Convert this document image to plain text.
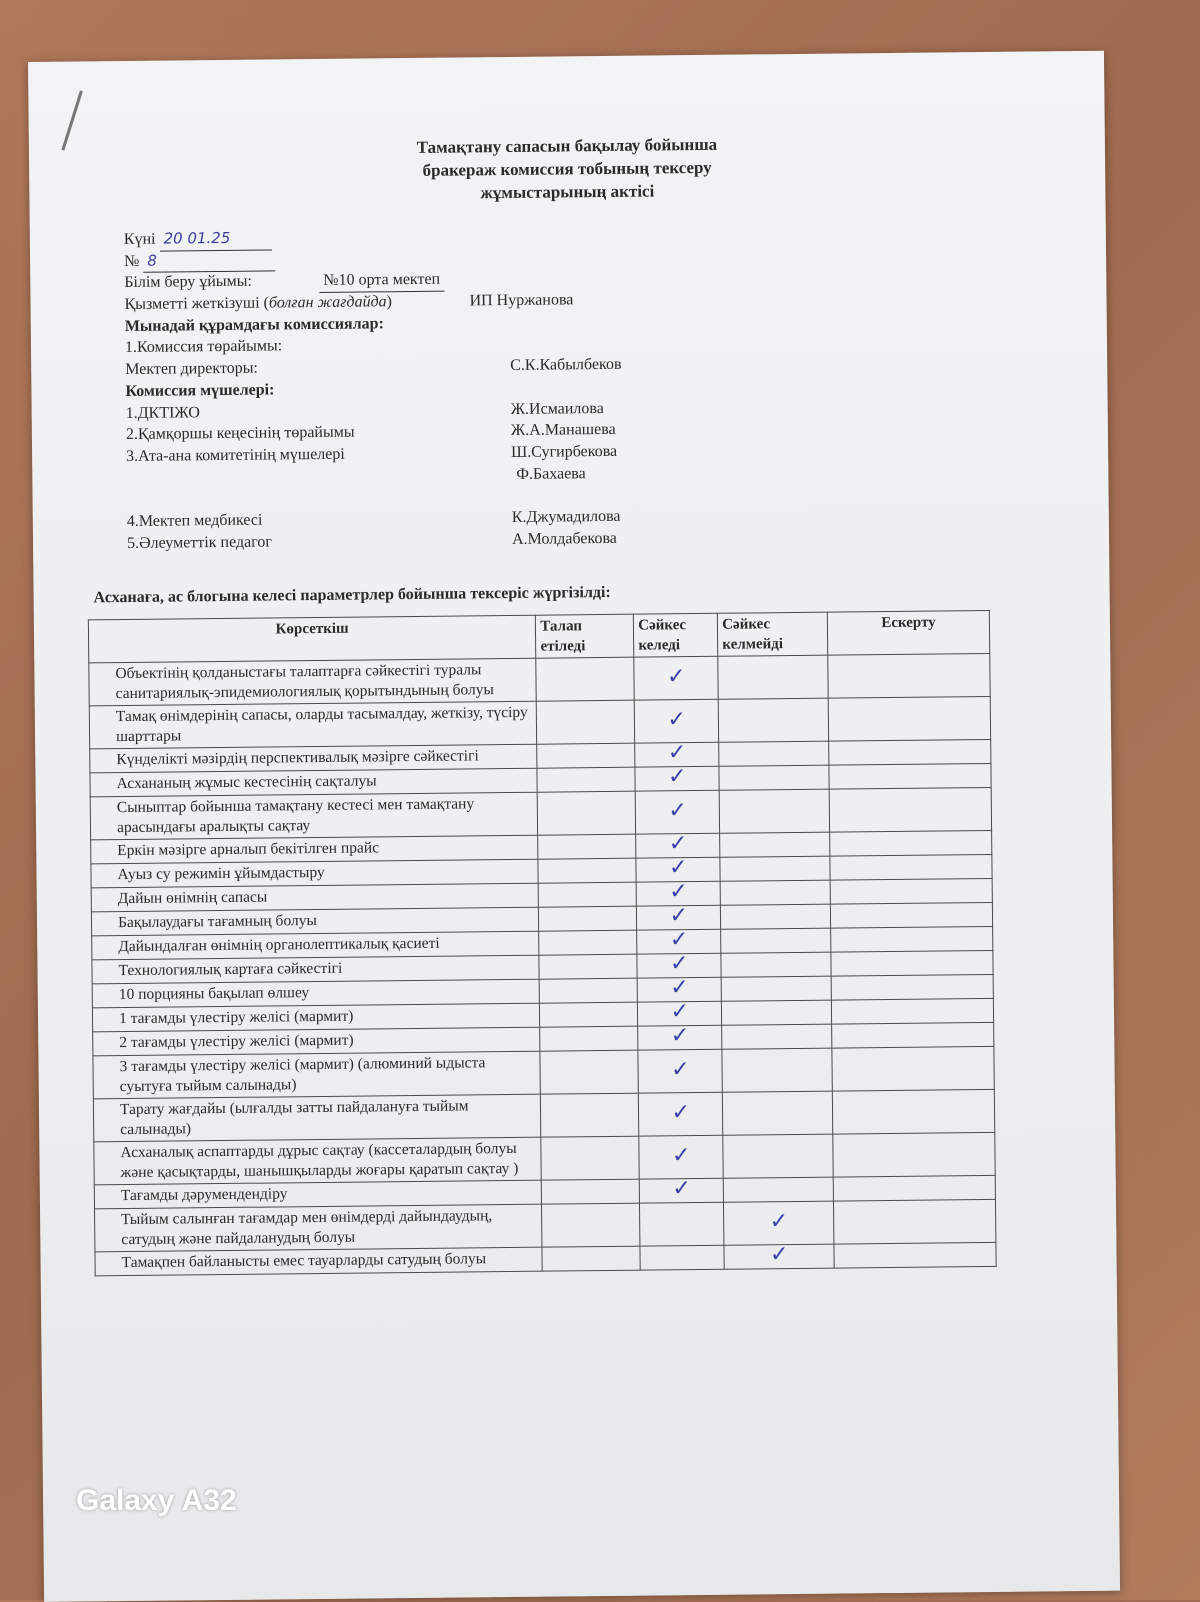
Тамақтану сапасын бақылау бойынша
бракераж комиссия тобының тексеру
жұмыстарының актісі
Күні 20 01.25
№ 8
Білім беру ұйымы:	№10 орта мектеп
Қызметті жеткізуші (болған жағдайда)	ИП Нуржанова
Мынадай құрамдағы комиссиялар:
1.Комиссия төрайымы:
Мектеп директоры:	С.К.Кабылбеков
Комиссия мүшелері:
1.ДКТІЖО	Ж.Исмаилова
2.Қамқоршы кеңесінің төрайымы	Ж.А.Манашева
3.Ата-ана комитетінің мүшелері	Ш.Сугирбекова
Ф.Бахаева
4.Мектеп медбикесі	К.Джумадилова
5.Әлеуметтік педагог	А.Молдабекова
Асханаға, ас блогына келесі параметрлер бойынша тексеріс жүргізілді:
Көрсеткіш	Талап етіледі	Сәйкес келеді	Сәйкес келмейді	Ескерту
Объектінің қолданыстағы талаптарға сәйкестігі туралы санитариялық-эпидемиологиялық қорытындының болуы		✓		
Тамақ өнімдерінің сапасы, оларды тасымалдау, жеткізу, түсіру шарттары		✓		
Күнделікті мәзірдің перспективалық мәзірге сәйкестігі		✓		
Асхананың жұмыс кестесінің сақталуы		✓		
Сыныптар бойынша тамақтану кестесі мен тамақтану арасындағы аралықты сақтау		✓		
Еркін мәзірге арналып бекітілген прайс		✓		
Ауыз су режимін ұйымдастыру		✓		
Дайын өнімнің сапасы		✓		
Бақылаудағы тағамның болуы		✓		
Дайындалған өнімнің органолептикалық қасиеті		✓		
Технологиялық картаға сәйкестігі		✓		
10 порцияны бақылап өлшеу		✓		
1 тағамды үлестіру желісі (мармит)		✓		
2 тағамды үлестіру желісі (мармит)		✓		
3 тағамды үлестіру желісі (мармит) (алюминий ыдыста суытуға тыйым салынады)		✓		
Тарату жағдайы (ылғалды затты пайдалануға тыйым салынады)		✓		
Асханалық аспаптарды дұрыс сақтау (кассеталардың болуы және қасықтарды, шанышқыларды жоғары қаратып сақтау )		✓		
Тағамды дәрумендендіру		✓		
Тыйым салынған тағамдар мен өнімдерді дайындаудың, сатудың және пайдаланудың болуы			✓	
Тамақпен байланысты емес тауарларды сатудың болуы			✓	
Galaxy A32
